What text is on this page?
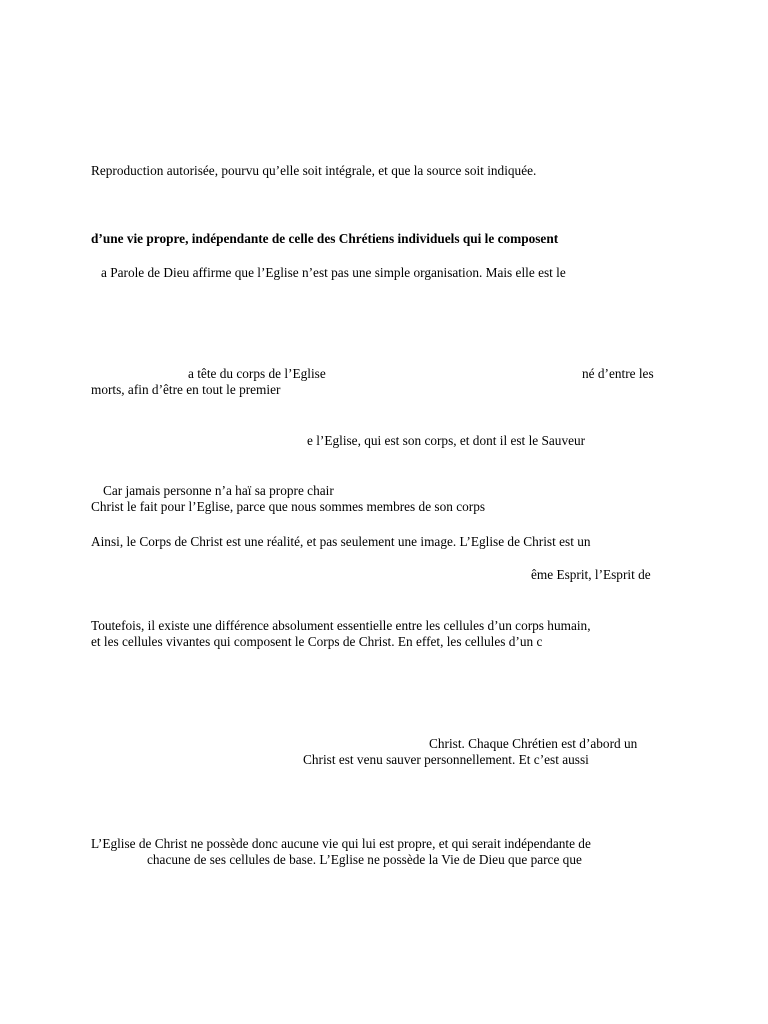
Reproduction autorisée, pourvu qu’elle soit intégrale, et que la source soit indiquée.
d’une vie propre, indépendante de celle des Chrétiens individuels qui le composent
a Parole de Dieu affirme que l’Eglise n’est pas une simple organisation. Mais elle est le
a tête du corps de l’Eglise	né d’entre les
morts, afin d’être en tout le premier
e l’Eglise, qui est son corps, et dont il est le Sauveur
Car jamais personne n’a haï sa propre chair
Christ le fait pour l’Eglise, parce que nous sommes membres de son corps
Ainsi, le Corps de Christ est une réalité, et pas seulement une image. L’Eglise de Christ est un
ême Esprit, l’Esprit de
Toutefois, il existe une différence absolument essentielle entre les cellules d’un corps humain,
et les cellules vivantes qui composent le Corps de Christ. En effet, les cellules d’un c
Christ. Chaque Chrétien est d’abord un
Christ est venu sauver personnellement. Et c’est aussi
L’Eglise de Christ ne possède donc aucune vie qui lui est propre, et qui serait indépendante de
chacune de ses cellules de base. L’Eglise ne possède la Vie de Dieu que parce que
